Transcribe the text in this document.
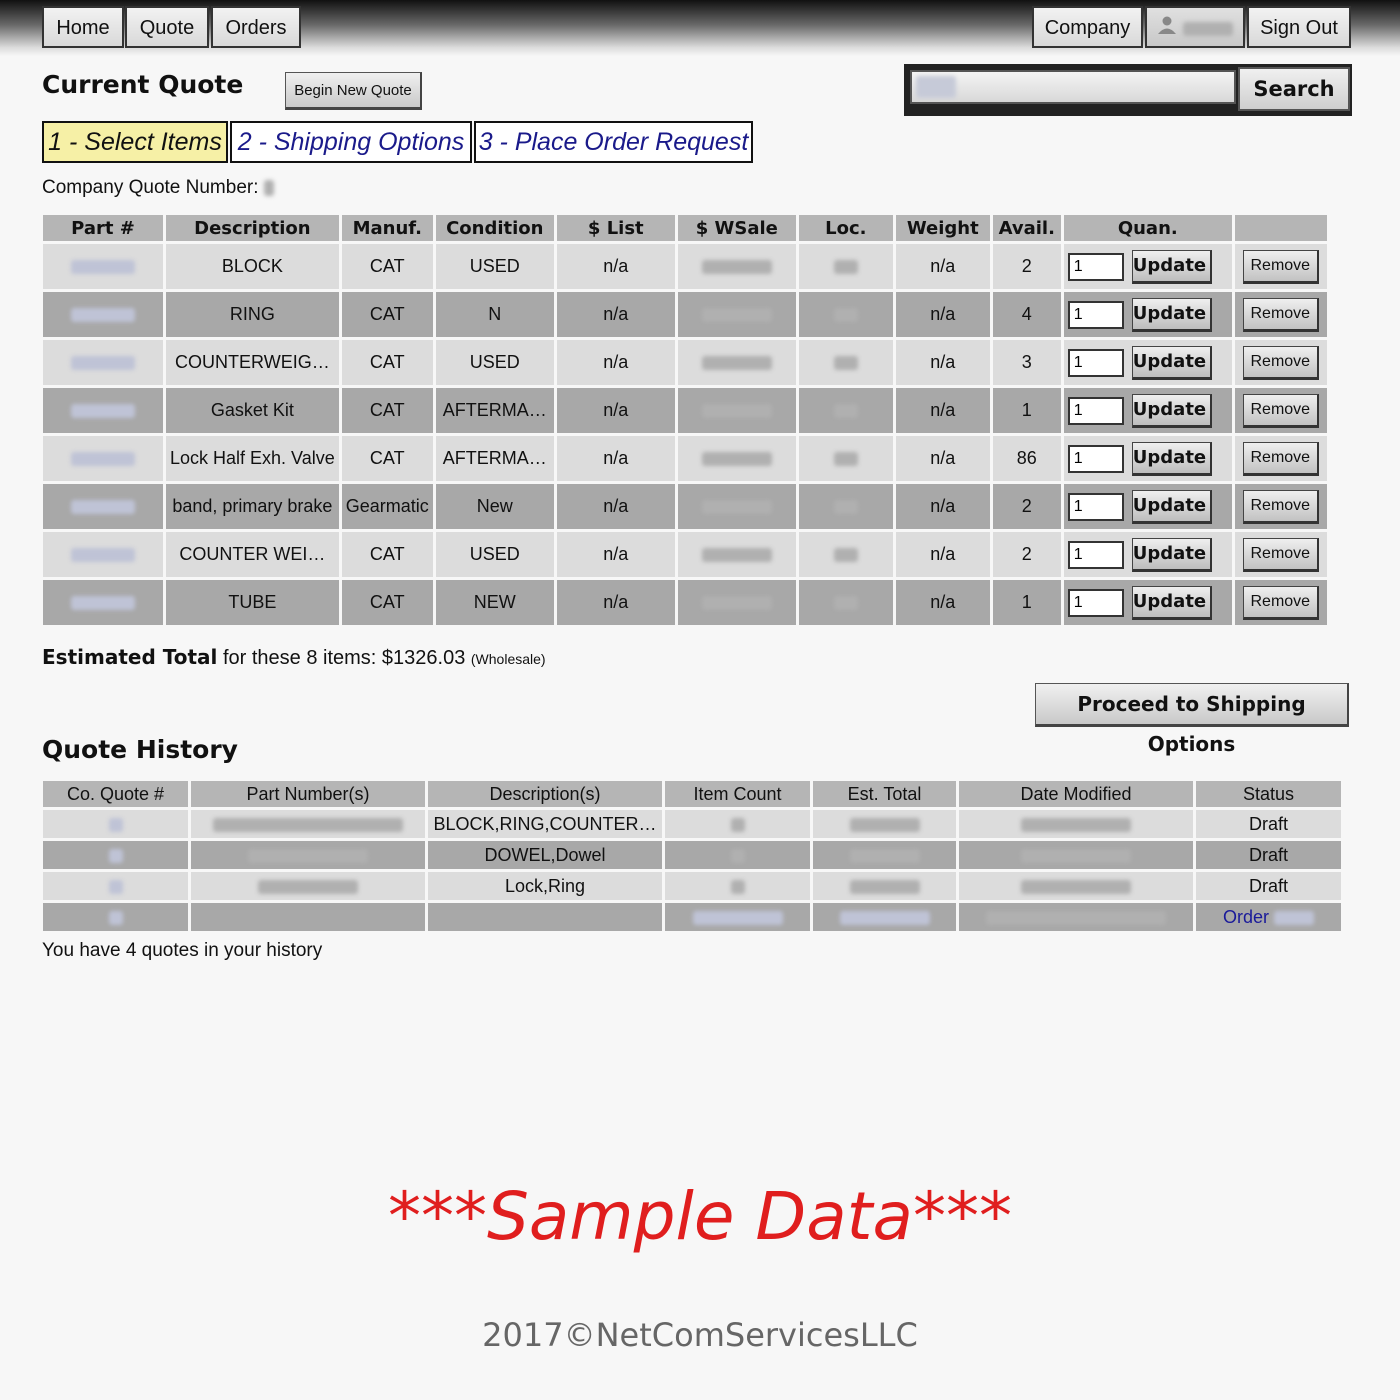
Home	Quote	Orders	Company
	Sign Out
Current Quote	Begin New Quote	Search
1 - Select Items 2 - Shipping Options 3 - Place Order Request
Company Quote Number:
Part #	Description	Manuf.	Condition	$ List	$ WSale	Loc.	Weight	Avail.	Quan.	
	BLOCK	CAT	USED	n/a			n/a	2	1Update	Remove
	RING	CAT	N	n/a			n/a	4	1Update	Remove
	COUNTERWEIG…	CAT	USED	n/a			n/a	3	1Update	Remove
	Gasket Kit	CAT	AFTERMA…	n/a			n/a	1	1Update	Remove
	Lock Half Exh. Valve	CAT	AFTERMA…	n/a			n/a	86	1Update	Remove
	band, primary brake	Gearmatic	New	n/a			n/a	2	1Update	Remove
	COUNTER WEI…	CAT	USED	n/a			n/a	2	1Update	Remove
	TUBE	CAT	NEW	n/a			n/a	1	1Update	Remove
Estimated Total for these 8 items: $1326.03 (Wholesale)
Proceed to Shipping Options
Quote History
Co. Quote #	Part Number(s)	Description(s)	Item Count	Est. Total	Date Modified	Status
		BLOCK,RING,COUNTER…				Draft
		DOWEL,Dowel				Draft
		Lock,Ring				Draft
						Order
You have 4 quotes in your history
***Sample Data***
2017©NetComServicesLLC
